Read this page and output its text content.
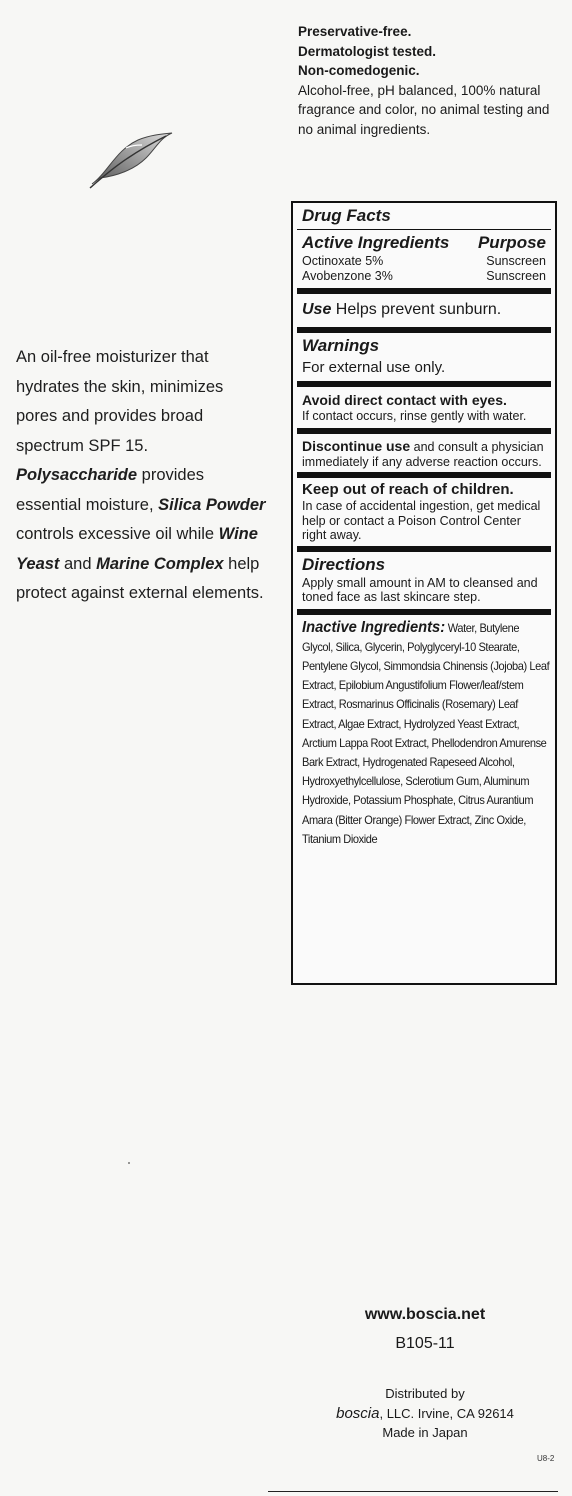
Preservative-free.
Dermatologist tested.
Non-comedogenic.
Alcohol-free, pH balanced, 100% natural fragrance and color, no animal testing and no animal ingredients.
An oil-free moisturizer that hydrates the skin, minimizes pores and provides broad spectrum SPF 15. Polysaccharide provides essential moisture, Silica Powder controls excessive oil while Wine Yeast and Marine Complex help protect against external elements.
Drug Facts
Active Ingredients Purpose
Octinoxate 5%	Sunscreen
Avobenzone 3%	Sunscreen
Use Helps prevent sunburn.
Warnings
For external use only.
Avoid direct contact with eyes.
If contact occurs, rinse gently with water.
Discontinue use and consult a physician immediately if any adverse reaction occurs.
Keep out of reach of children.
In case of accidental ingestion, get medical help or contact a Poison Control Center right away.
Directions
Apply small amount in AM to cleansed and toned face as last skincare step.
Inactive Ingredients: Water, Butylene Glycol, Silica, Glycerin, Polyglyceryl-10 Stearate, Pentylene Glycol, Simmondsia Chinensis (Jojoba) Leaf Extract, Epilobium Angustifolium Flower/leaf/stem Extract, Rosmarinus Officinalis (Rosemary) Leaf Extract, Algae Extract, Hydrolyzed Yeast Extract, Arctium Lappa Root Extract, Phellodendron Amurense Bark Extract, Hydrogenated Rapeseed Alcohol, Hydroxyethylcellulose, Sclerotium Gum, Aluminum Hydroxide, Potassium Phosphate, Citrus Aurantium Amara (Bitter Orange) Flower Extract, Zinc Oxide, Titanium Dioxide
www.boscia.net
B105-11
Distributed by
boscia, LLC. Irvine, CA 92614
Made in Japan
U8-2
